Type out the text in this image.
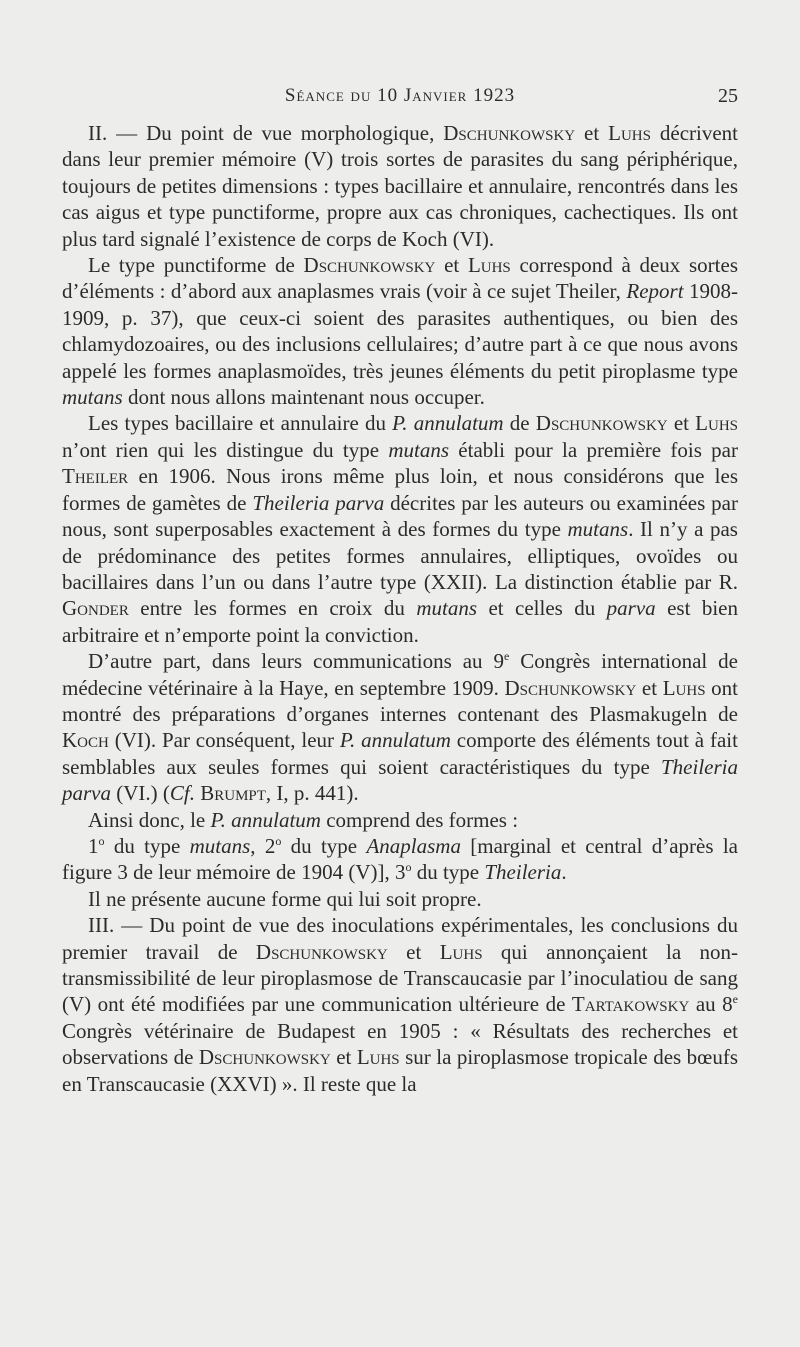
Séance du 10 Janvier 1923	25

II. — Du point de vue morphologique, Dschunkowsky et Luhs décrivent dans leur premier mémoire (V) trois sortes de parasites du sang périphérique, toujours de petites dimensions : types bacillaire et annulaire, rencontrés dans les cas aigus et type punctiforme, propre aux cas chroniques, cachectiques. Ils ont plus tard signalé l’existence de corps de Koch (VI).

Le type punctiforme de Dschunkowsky et Luhs correspond à deux sortes d’éléments : d’abord aux anaplasmes vrais (voir à ce sujet Theiler, Report 1908-1909, p. 37), que ceux-ci soient des parasites authentiques, ou bien des chlamydozoaires, ou des inclusions cellulaires; d’autre part à ce que nous avons appelé les formes anaplasmoïdes, très jeunes éléments du petit piroplasme type mutans dont nous allons maintenant nous occuper.

Les types bacillaire et annulaire du P. annulatum de Dschunkowsky et Luhs n’ont rien qui les distingue du type mutans établi pour la première fois par Theiler en 1906. Nous irons même plus loin, et nous considérons que les formes de gamètes de Theileria parva décrites par les auteurs ou examinées par nous, sont superposables exactement à des formes du type mutans. Il n’y a pas de prédominance des petites formes annulaires, elliptiques, ovoïdes ou bacillaires dans l’un ou dans l’autre type (XXII). La distinction établie par R. Gonder entre les formes en croix du mutans et celles du parva est bien arbitraire et n’emporte point la conviction.

D’autre part, dans leurs communications au 9e Congrès international de médecine vétérinaire à la Haye, en septembre 1909. Dschunkowsky et Luhs ont montré des préparations d’organes internes contenant des Plasmakugeln de Koch (VI). Par conséquent, leur P. annulatum comporte des éléments tout à fait semblables aux seules formes qui soient caractéristiques du type Theileria parva (VI.) (Cf. Brumpt, I, p. 441).

Ainsi donc, le P. annulatum comprend des formes :

1$^o$ du type mutans, 2$^o$ du type Anaplasma [marginal et central d’après la figure 3 de leur mémoire de 1904 (V)], 3$^o$ du type Theileria.

Il ne présente aucune forme qui lui soit propre.

III. — Du point de vue des inoculations expérimentales, les conclusions du premier travail de Dschunkowsky et Luhs qui annonçaient la non-transmissibilité de leur piroplasmose de Transcaucasie par l’inoculatiou de sang (V) ont été modifiées par une communication ultérieure de Tartakowsky au 8e Congrès vétérinaire de Budapest en 1905 : « Résultats des recherches et observations de Dschunkowsky et Luhs sur la piroplasmose tropicale des bœufs en Transcaucasie (XXVI) ». Il reste que la
